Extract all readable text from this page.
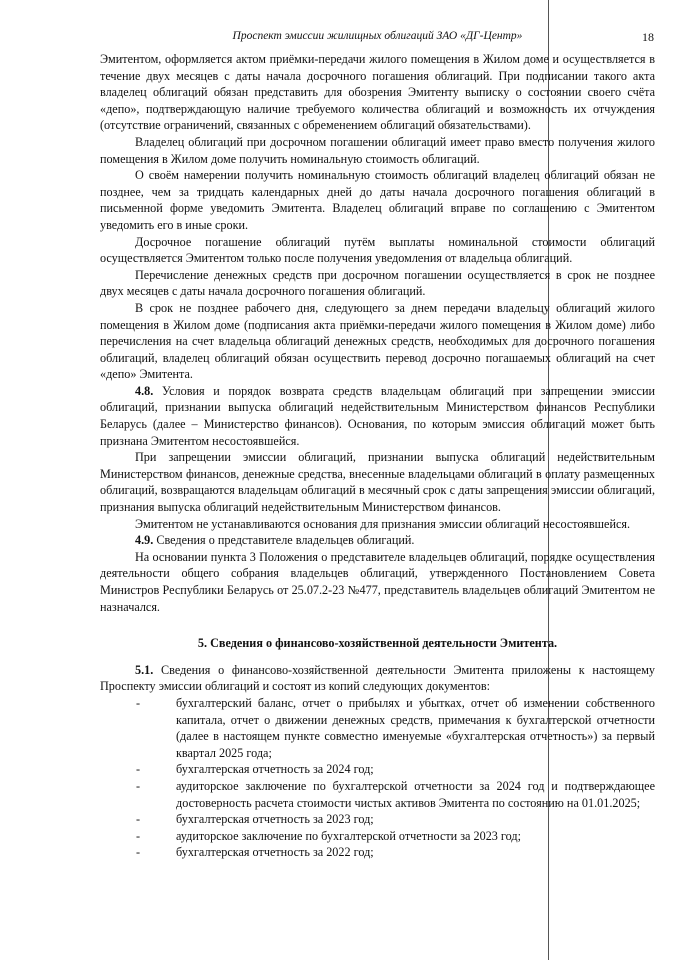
Проспект эмиссии жилищных облигаций ЗАО «ДГ-Центр»	18

Эмитентом, оформляется актом приёмки-передачи жилого помещения в Жилом доме и осуществляется в течение двух месяцев с даты начала досрочного погашения облигаций. При подписании такого акта владелец облигаций обязан представить для обозрения Эмитенту выписку о состоянии своего счёта «депо», подтверждающую наличие требуемого количества облигаций и возможность их отчуждения (отсутствие ограничений, связанных с обременением облигаций обязательствами).

Владелец облигаций при досрочном погашении облигаций имеет право вместо получения жилого помещения в Жилом доме получить номинальную стоимость облигаций.

О своём намерении получить номинальную стоимость облигаций владелец облигаций обязан не позднее, чем за тридцать календарных дней до даты начала досрочного погашения облигаций в письменной форме уведомить Эмитента. Владелец облигаций вправе по соглашению с Эмитентом уведомить его в иные сроки.

Досрочное погашение облигаций путём выплаты номинальной стоимости облигаций осуществляется Эмитентом только после получения уведомления от владельца облигаций.

Перечисление денежных средств при досрочном погашении осуществляется в срок не позднее двух месяцев с даты начала досрочного погашения облигаций.

В срок не позднее рабочего дня, следующего за днем передачи владельцу облигаций жилого помещения в Жилом доме (подписания акта приёмки-передачи жилого помещения в Жилом доме) либо перечисления на счет владельца облигаций денежных средств, необходимых для досрочного погашения облигаций, владелец облигаций обязан осуществить перевод досрочно погашаемых облигаций на счет «депо» Эмитента.

4.8. Условия и порядок возврата средств владельцам облигаций при запрещении эмиссии облигаций, признании выпуска облигаций недействительным Министерством финансов Республики Беларусь (далее – Министерство финансов). Основания, по которым эмиссия облигаций может быть признана Эмитентом несостоявшейся.

При запрещении эмиссии облигаций, признании выпуска облигаций недействительным Министерством финансов, денежные средства, внесенные владельцами облигаций в оплату размещенных облигаций, возвращаются владельцам облигаций в месячный срок с даты запрещения эмиссии облигаций, признания выпуска облигаций недействительным Министерством финансов.

Эмитентом не устанавливаются основания для признания эмиссии облигаций несостоявшейся.

4.9. Сведения о представителе владельцев облигаций.

На основании пункта 3 Положения о представителе владельцев облигаций, порядке осуществления деятельности общего собрания владельцев облигаций, утвержденного Постановлением Совета Министров Республики Беларусь от 25.07.2-23 №477, представитель владельцев облигаций Эмитентом не назначался.

5. Сведения о финансово-хозяйственной деятельности Эмитента.

5.1. Сведения о финансово-хозяйственной деятельности Эмитента приложены к настоящему Проспекту эмиссии облигаций и состоят из копий следующих документов:

-	бухгалтерский баланс, отчет о прибылях и убытках, отчет об изменении собственного капитала, отчет о движении денежных средств, примечания к бухгалтерской отчетности (далее в настоящем пункте совместно именуемые «бухгалтерская отчетность») за первый квартал 2025 года;
-	бухгалтерская отчетность за 2024 год;
-	аудиторское заключение по бухгалтерской отчетности за 2024 год и подтверждающее достоверность расчета стоимости чистых активов Эмитента по состоянию на 01.01.2025;
-	бухгалтерская отчетность за 2023 год;
-	аудиторское заключение по бухгалтерской отчетности за 2023 год;
-	бухгалтерская отчетность за 2022 год;
